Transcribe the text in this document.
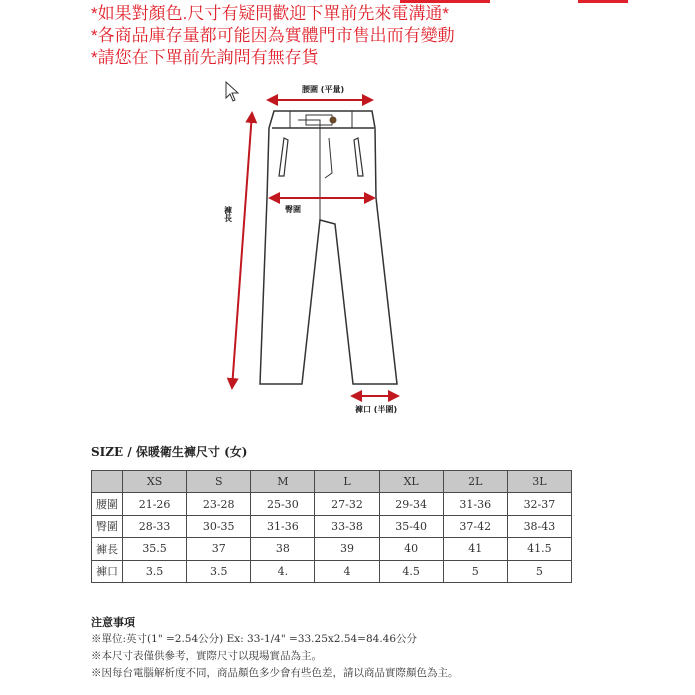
*如果對顏色.尺寸有疑問歡迎下單前先來電溝通*
*各商品庫存量都可能因為實體門市售出而有變動
*請您在下單前先詢問有無存貨
腰圍 (平量)
臀圍
褲長
褲口 (半圍)
SIZE / 保暖衛生褲尺寸 (女)
	XS	S	M	L	XL	2L	3L
腰圍	21-26	23-28	25-30	27-32	29-34	31-36	32-37
臀圍	28-33	30-35	31-36	33-38	35-40	37-42	38-43
褲長	35.5	37	38	39	40	41	41.5
褲口	3.5	3.5	4.	4	4.5	5	5
注意事項
※單位:英寸(1" =2.54公分) Ex: 33-1/4" =33.25x2.54=84.46公分
※本尺寸表僅供參考，實際尺寸以現場實品為主。
※因每台電腦解析度不同，商品顏色多少會有些色差，請以商品實際顏色為主。
